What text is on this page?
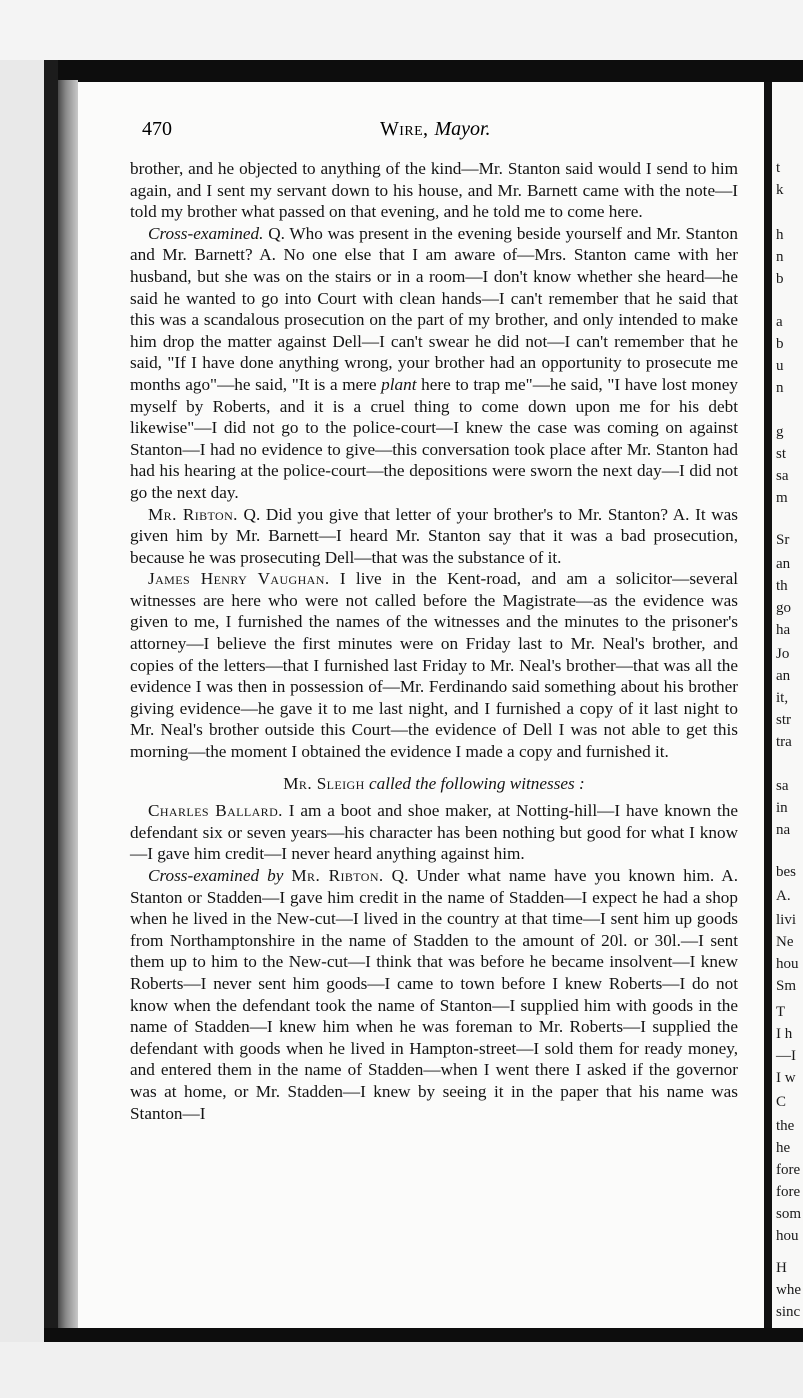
470	Wire, Mayor.

brother, and he objected to anything of the kind—Mr. Stanton said would I send to him again, and I sent my servant down to his house, and Mr. Barnett came with the note—I told my brother what passed on that evening, and he told me to come here.

Cross-examined. Q. Who was present in the evening beside yourself and Mr. Stanton and Mr. Barnett? A. No one else that I am aware of—Mrs. Stanton came with her husband, but she was on the stairs or in a room—I don't know whether she heard—he said he wanted to go into Court with clean hands—I can't remember that he said that this was a scandalous prosecution on the part of my brother, and only intended to make him drop the matter against Dell—I can't swear he did not—I can't remember that he said, "If I have done anything wrong, your brother had an opportunity to prosecute me months ago"—he said, "It is a mere plant here to trap me"—he said, "I have lost money myself by Roberts, and it is a cruel thing to come down upon me for his debt likewise"—I did not go to the police-court—I knew the case was coming on against Stanton—I had no evidence to give—this conversation took place after Mr. Stanton had had his hearing at the police-court—the depositions were sworn the next day—I did not go the next day.

Mr. Ribton. Q. Did you give that letter of your brother's to Mr. Stanton? A. It was given him by Mr. Barnett—I heard Mr. Stanton say that it was a bad prosecution, because he was prosecuting Dell—that was the substance of it.

James Henry Vaughan. I live in the Kent-road, and am a solicitor—several witnesses are here who were not called before the Magistrate—as the evidence was given to me, I furnished the names of the witnesses and the minutes to the prisoner's attorney—I believe the first minutes were on Friday last to Mr. Neal's brother, and copies of the letters—that I furnished last Friday to Mr. Neal's brother—that was all the evidence I was then in possession of—Mr. Ferdinando said something about his brother giving evidence—he gave it to me last night, and I furnished a copy of it last night to Mr. Neal's brother outside this Court—the evidence of Dell I was not able to get this morning—the moment I obtained the evidence I made a copy and furnished it.

Mr. Sleigh called the following witnesses :

Charles Ballard. I am a boot and shoe maker, at Notting-hill—I have known the defendant six or seven years—his character has been nothing but good for what I know—I gave him credit—I never heard anything against him.

Cross-examined by Mr. Ribton. Q. Under what name have you known him. A. Stanton or Stadden—I gave him credit in the name of Stadden—I expect he had a shop when he lived in the New-cut—I lived in the country at that time—I sent him up goods from Northamptonshire in the name of Stadden to the amount of 20l. or 30l.—I sent them up to him to the New-cut—I think that was before he became insolvent—I knew Roberts—I never sent him goods—I came to town before I knew Roberts—I do not know when the defendant took the name of Stanton—I supplied him with goods in the name of Stadden—I knew him when he was foreman to Mr. Roberts—I supplied the defendant with goods when he lived in Hampton-street—I sold them for ready money, and entered them in the name of Stadden—when I went there I asked if the governor was at home, or Mr. Stadden—I knew by seeing it in the paper that his name was Stanton—I

t
k
h
n
b
a
b
u
n
g
st
sa
m
Sr
an
th
go
ha
Jo
an
it,
str
tra
sa
in
na
bes
A.
livi
Ne
hou
Sm
T
I h
—I
I w
C
the
he
fore
fore
som
hou
H
whe
sinc
